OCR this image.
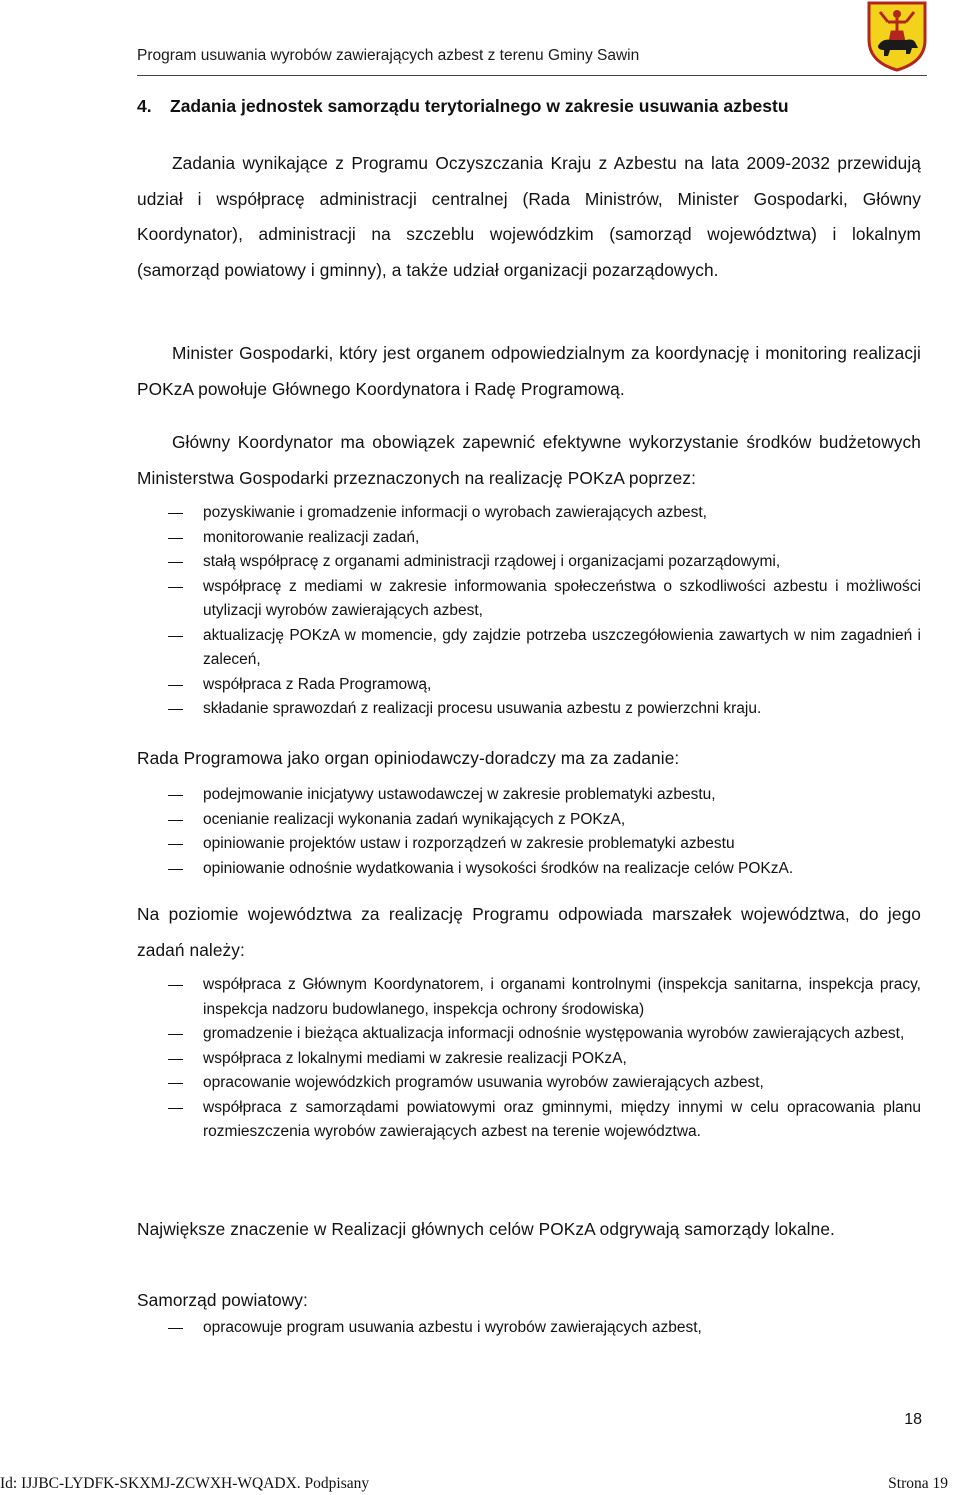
Program usuwania wyrobów zawierających azbest z terenu Gminy Sawin
4. Zadania jednostek samorządu terytorialnego w zakresie usuwania azbestu

Zadania wynikające z Programu Oczyszczania Kraju z Azbestu na lata 2009-2032 przewidują udział i współpracę administracji centralnej (Rada Ministrów, Minister Gospodarki, Główny Koordynator), administracji na szczeblu wojewódzkim (samorząd województwa) i lokalnym (samorząd powiatowy i gminny), a także udział organizacji pozarządowych.

Minister Gospodarki, który jest organem odpowiedzialnym za koordynację i monitoring realizacji POKzA powołuje Głównego Koordynatora i Radę Programową.

Główny Koordynator ma obowiązek zapewnić efektywne wykorzystanie środków budżetowych Ministerstwa Gospodarki przeznaczonych na realizację POKzA poprzez:

pozyskiwanie i gromadzenie informacji o wyrobach zawierających azbest,
monitorowanie realizacji zadań,
stałą współpracę z organami administracji rządowej i organizacjami pozarządowymi,
współpracę z mediami w zakresie informowania społeczeństwa o szkodliwości azbestu i możliwości utylizacji wyrobów zawierających azbest,
aktualizację POKzA w momencie, gdy zajdzie potrzeba uszczegółowienia zawartych w nim zagadnień i zaleceń,
współpraca z Rada Programową,
składanie sprawozdań z realizacji procesu usuwania azbestu z powierzchni kraju.

Rada Programowa jako organ opiniodawczy-doradczy ma za zadanie:

podejmowanie inicjatywy ustawodawczej w zakresie problematyki azbestu,
ocenianie realizacji wykonania zadań wynikających z POKzA,
opiniowanie projektów ustaw i rozporządzeń w zakresie problematyki azbestu
opiniowanie odnośnie wydatkowania i wysokości środków na realizacje celów POKzA.

Na poziomie województwa za realizację Programu odpowiada marszałek województwa, do jego zadań należy:

współpraca z Głównym Koordynatorem, i organami kontrolnymi (inspekcja sanitarna, inspekcja pracy, inspekcja nadzoru budowlanego, inspekcja ochrony środowiska)
gromadzenie i bieżąca aktualizacja informacji odnośnie występowania wyrobów zawierających azbest,
współpraca z lokalnymi mediami w zakresie realizacji POKzA,
opracowanie wojewódzkich programów usuwania wyrobów zawierających azbest,
współpraca z samorządami powiatowymi oraz gminnymi, między innymi w celu opracowania planu rozmieszczenia wyrobów zawierających azbest na terenie województwa.

Największe znaczenie w Realizacji głównych celów POKzA odgrywają samorządy lokalne.

Samorząd powiatowy:

opracowuje program usuwania azbestu i wyrobów zawierających azbest,
18
Id: IJJBC-LYDFK-SKXMJ-ZCWXH-WQADX. Podpisany	Strona 19
